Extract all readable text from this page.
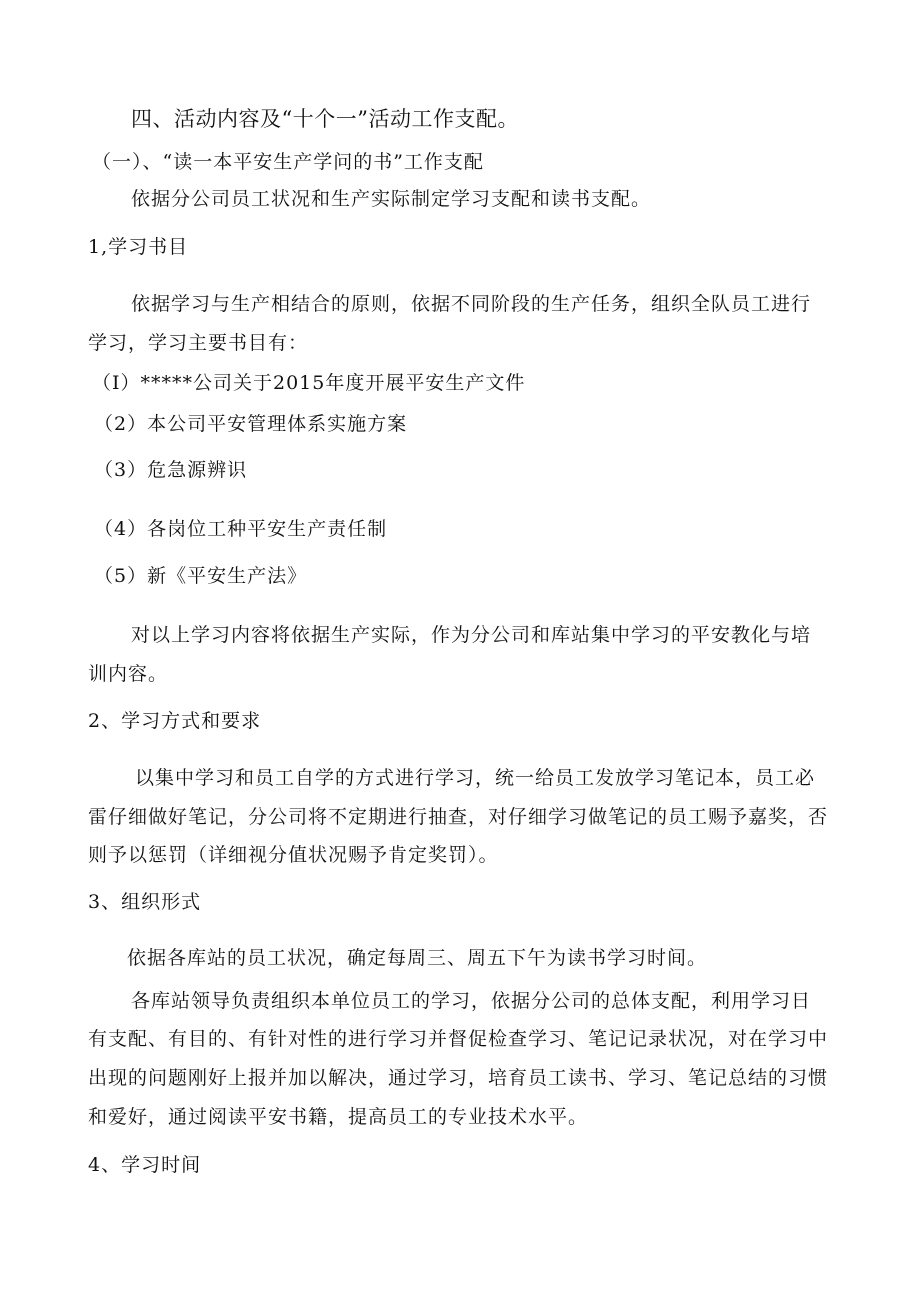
四、活动内容及“十个一”活动工作支配。
（一）、“读一本平安生产学问的书”工作支配
依据分公司员工状况和生产实际制定学习支配和读书支配。
1,学习书目
依据学习与生产相结合的原则，依据不同阶段的生产任务，组织全队员工进行
学习，学习主要书目有：
（I）*****公司关于2015年度开展平安生产文件
（2）本公司平安管理体系实施方案
（3）危急源辨识
（4）各岗位工种平安生产责任制
（5）新《平安生产法》
对以上学习内容将依据生产实际，作为分公司和库站集中学习的平安教化与培
训内容。
2、学习方式和要求
以集中学习和员工自学的方式进行学习，统一给员工发放学习笔记本，员工必
雷仔细做好笔记，分公司将不定期进行抽查，对仔细学习做笔记的员工赐予嘉奖，否
则予以惩罚（详细视分值状况赐予肯定奖罚）。
3、组织形式
依据各库站的员工状况，确定每周三、周五下午为读书学习时间。
各库站领导负责组织本单位员工的学习，依据分公司的总体支配，利用学习日
有支配、有目的、有针对性的进行学习并督促检查学习、笔记记录状况，对在学习中
出现的问题刚好上报并加以解决，通过学习，培育员工读书、学习、笔记总结的习惯
和爱好，通过阅读平安书籍，提高员工的专业技术水平。
4、学习时间
